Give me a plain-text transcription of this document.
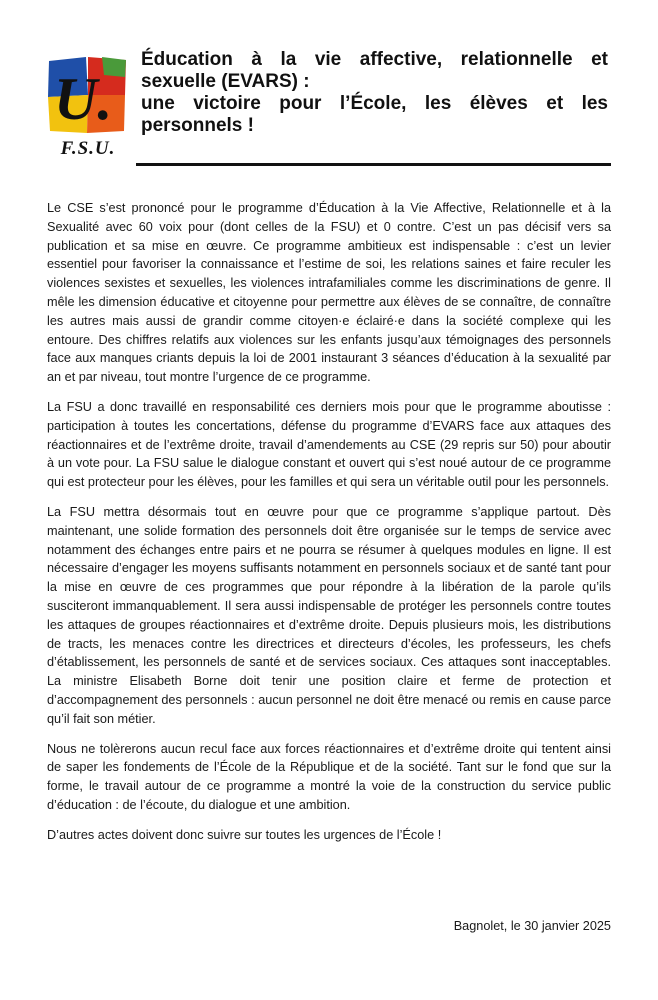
U.
F.S.U.
Éducation à la vie affective, relationnelle et sexuelle (EVARS) :
une victoire pour l’École, les élèves et les personnels !

Le CSE s’est prononcé pour le programme d’Éducation à la Vie Affective, Relationnelle et à la Sexualité avec 60 voix pour (dont celles de la FSU) et 0 contre. C’est un pas décisif vers sa publication et sa mise en œuvre. Ce programme ambitieux est indispensable : c’est un levier essentiel pour favoriser la connaissance et l’estime de soi, les relations saines et faire reculer les violences sexistes et sexuelles, les violences intrafamiliales comme les discriminations de genre. Il mêle les dimension éducative et citoyenne pour permettre aux élèves de se connaître, de connaître les autres mais aussi de grandir comme citoyen·e éclairé·e dans la société complexe qui les entoure. Des chiffres relatifs aux violences sur les enfants jusqu’aux témoignages des personnels face aux manques criants depuis la loi de 2001 instaurant 3 séances d’éducation à la sexualité par an et par niveau, tout montre l’urgence de ce programme.

La FSU a donc travaillé en responsabilité ces derniers mois pour que le programme aboutisse : participation à toutes les concertations, défense du programme d’EVARS face aux attaques des réactionnaires et de l’extrême droite, travail d’amendements au CSE (29 repris sur 50) pour aboutir à un vote pour. La FSU salue le dialogue constant et ouvert qui s’est noué autour de ce programme qui est protecteur pour les élèves, pour les familles et qui sera un véritable outil pour les personnels.

La FSU mettra désormais tout en œuvre pour que ce programme s’applique partout. Dès maintenant, une solide formation des personnels doit être organisée sur le temps de service avec notamment des échanges entre pairs et ne pourra se résumer à quelques modules en ligne. Il est nécessaire d’engager les moyens suffisants notamment en personnels sociaux et de santé tant pour la mise en œuvre de ces programmes que pour répondre à la libération de la parole qu’ils susciteront immanquablement. Il sera aussi indispensable de protéger les personnels contre toutes les attaques de groupes réactionnaires et d’extrême droite. Depuis plusieurs mois, les distributions de tracts, les menaces contre les directrices et directeurs d’écoles, les professeurs, les chefs d’établissement, les personnels de santé et de services sociaux. Ces attaques sont inacceptables. La ministre Elisabeth Borne doit tenir une position claire et ferme de protection et d’accompagnement des personnels : aucun personnel ne doit être menacé ou remis en cause parce qu’il fait son métier.

Nous ne tolèrerons aucun recul face aux forces réactionnaires et d’extrême droite qui tentent ainsi de saper les fondements de l’École de la République et de la société. Tant sur le fond que sur la forme, le travail autour de ce programme a montré la voie de la construction du service public d’éducation : de l’écoute, du dialogue et une ambition.

D’autres actes doivent donc suivre sur toutes les urgences de l’École !

Bagnolet, le 30 janvier 2025
